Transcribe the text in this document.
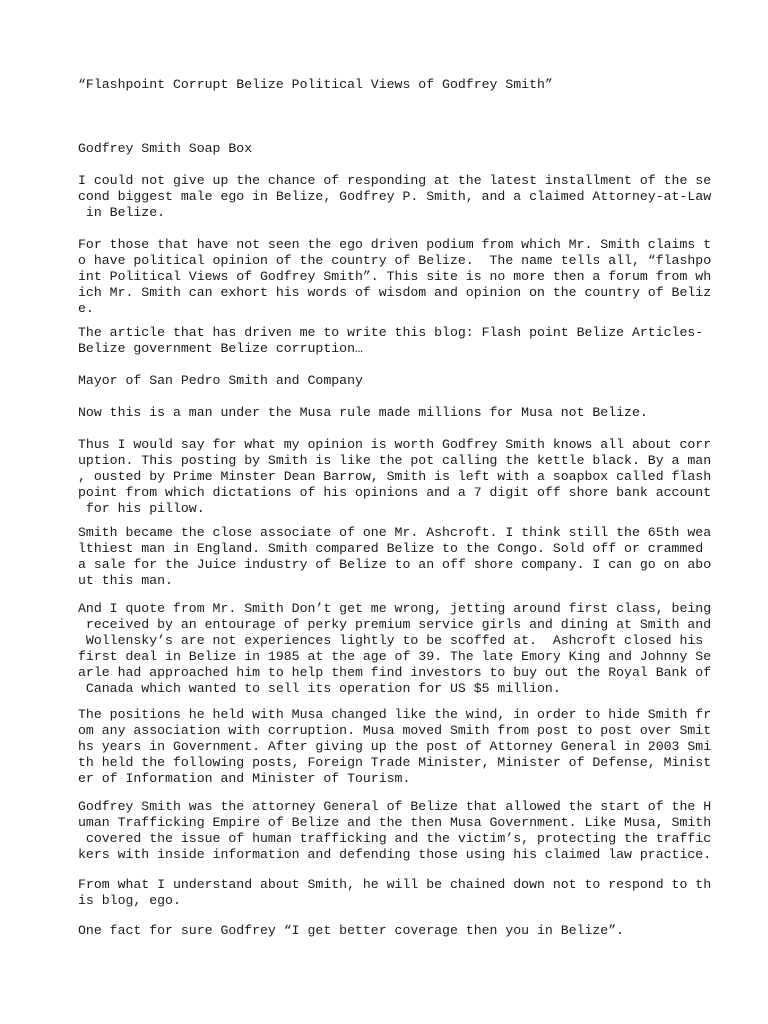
“Flashpoint Corrupt Belize Political Views of Godfrey Smith”

Godfrey Smith Soap Box

I could not give up the chance of responding at the latest installment of the se
cond biggest male ego in Belize, Godfrey P. Smith, and a claimed Attorney-at-Law
in Belize.

For those that have not seen the ego driven podium from which Mr. Smith claims t
o have political opinion of the country of Belize.  The name tells all, “flashpo
int Political Views of Godfrey Smith”. This site is no more then a forum from wh
ich Mr. Smith can exhort his words of wisdom and opinion on the country of Beliz
e.

The article that has driven me to write this blog: Flash point Belize Articles-
Belize government Belize corruption…

Mayor of San Pedro Smith and Company

Now this is a man under the Musa rule made millions for Musa not Belize.

Thus I would say for what my opinion is worth Godfrey Smith knows all about corr
uption. This posting by Smith is like the pot calling the kettle black. By a man
, ousted by Prime Minster Dean Barrow, Smith is left with a soapbox called flash
point from which dictations of his opinions and a 7 digit off shore bank account
for his pillow.

Smith became the close associate of one Mr. Ashcroft. I think still the 65th wea
lthiest man in England. Smith compared Belize to the Congo. Sold off or crammed
a sale for the Juice industry of Belize to an off shore company. I can go on abo
ut this man.

And I quote from Mr. Smith Don’t get me wrong, jetting around first class, being
received by an entourage of perky premium service girls and dining at Smith and
Wollensky’s are not experiences lightly to be scoffed at.  Ashcroft closed his
first deal in Belize in 1985 at the age of 39. The late Emory King and Johnny Se
arle had approached him to help them find investors to buy out the Royal Bank of
Canada which wanted to sell its operation for US $5 million.

The positions he held with Musa changed like the wind, in order to hide Smith fr
om any association with corruption. Musa moved Smith from post to post over Smit
hs years in Government. After giving up the post of Attorney General in 2003 Smi
th held the following posts, Foreign Trade Minister, Minister of Defense, Minist
er of Information and Minister of Tourism.

Godfrey Smith was the attorney General of Belize that allowed the start of the H
uman Trafficking Empire of Belize and the then Musa Government. Like Musa, Smith
covered the issue of human trafficking and the victim’s, protecting the traffic
kers with inside information and defending those using his claimed law practice.

From what I understand about Smith, he will be chained down not to respond to th
is blog, ego.

One fact for sure Godfrey “I get better coverage then you in Belize”.
